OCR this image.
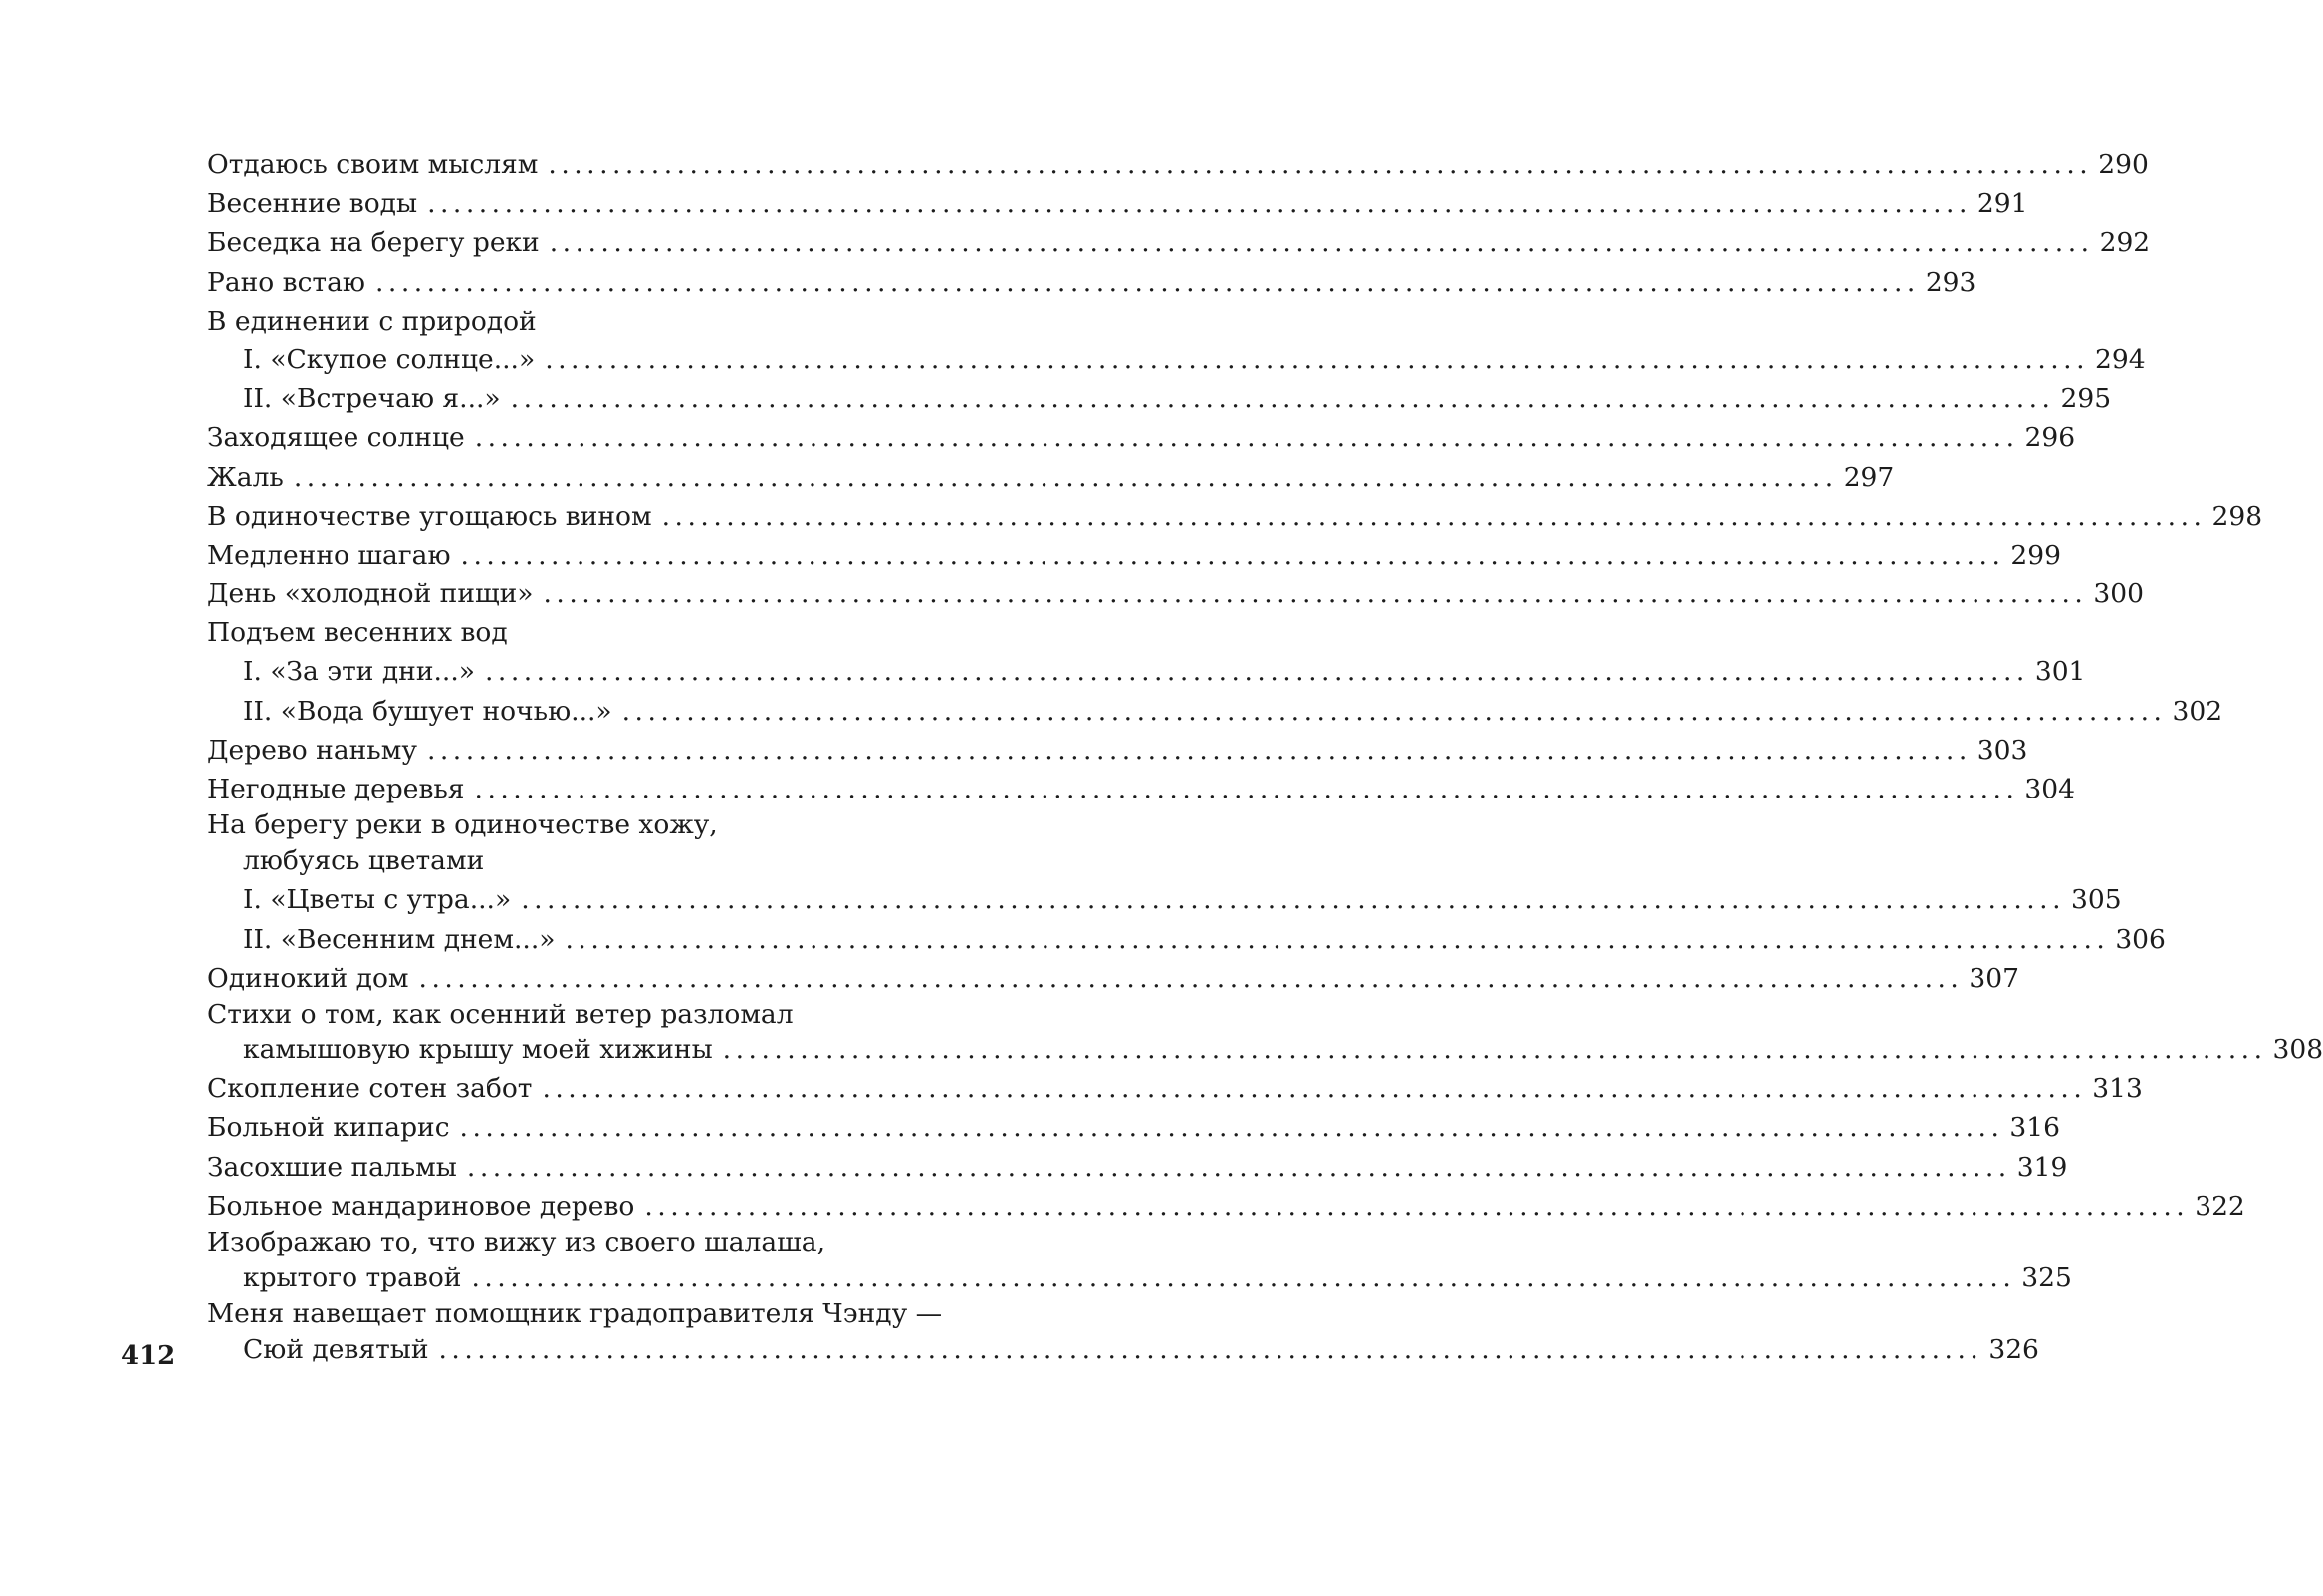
Отдаюсь своим мыслям ........................................................................................................................ 290
Весенние воды ........................................................................................................................ 291
Беседка на берегу реки ........................................................................................................................ 292
Рано встаю ........................................................................................................................ 293
В единении с природой
I. «Скупое солнце...» ........................................................................................................................ 294
II. «Встречаю я...» ........................................................................................................................ 295
Заходящее солнце ........................................................................................................................ 296
Жаль ........................................................................................................................ 297
В одиночестве угощаюсь вином ........................................................................................................................ 298
Медленно шагаю ........................................................................................................................ 299
День «холодной пищи» ........................................................................................................................ 300
Подъем весенних вод
I. «За эти дни...» ........................................................................................................................ 301
II. «Вода бушует ночью...» ........................................................................................................................ 302
Дерево наньму ........................................................................................................................ 303
Негодные деревья ........................................................................................................................ 304
На берегу реки в одиночестве хожу,
любуясь цветами
I. «Цветы с утра...» ........................................................................................................................ 305
II. «Весенним днем...» ........................................................................................................................ 306
Одинокий дом ........................................................................................................................ 307
Стихи о том, как осенний ветер разломал
камышовую крышу моей хижины ........................................................................................................................ 308
Скопление сотен забот ........................................................................................................................ 313
Больной кипарис ........................................................................................................................ 316
Засохшие пальмы ........................................................................................................................ 319
Больное мандариновое дерево ........................................................................................................................ 322
Изображаю то, что вижу из своего шалаша,
крытого травой ........................................................................................................................ 325
Меня навещает помощник градоправителя Чэнду —
Сюй девятый ........................................................................................................................ 326
412
